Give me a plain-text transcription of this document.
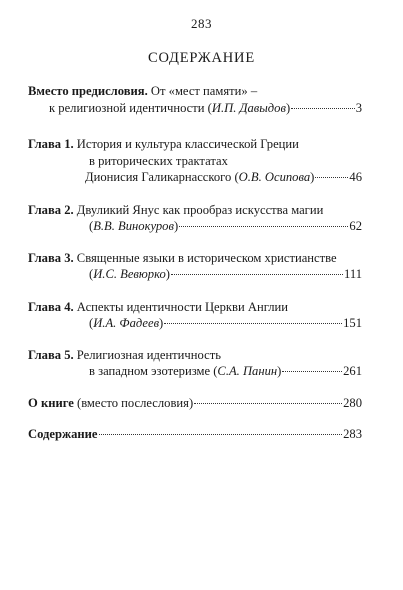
283
СОДЕРЖАНИЕ
Вместо предисловия. От «мест памяти» –
к религиозной идентичности (И.П. Давыдов)	3
Глава 1. История и культура классической Греции
в риторических трактатах
Дионисия Галикарнасского (О.В. Осипова)	46
Глава 2. Двуликий Янус как прообраз искусства магии
(В.В. Винокуров)	62
Глава 3. Священные языки в историческом христианстве
(И.С. Вевюрко)	111
Глава 4. Аспекты идентичности Церкви Англии
(И.А. Фадеев)	151
Глава 5. Религиозная идентичность
в западном эзотеризме (С.А. Панин)	261
О книге (вместо послесловия)	280
Содержание	283
